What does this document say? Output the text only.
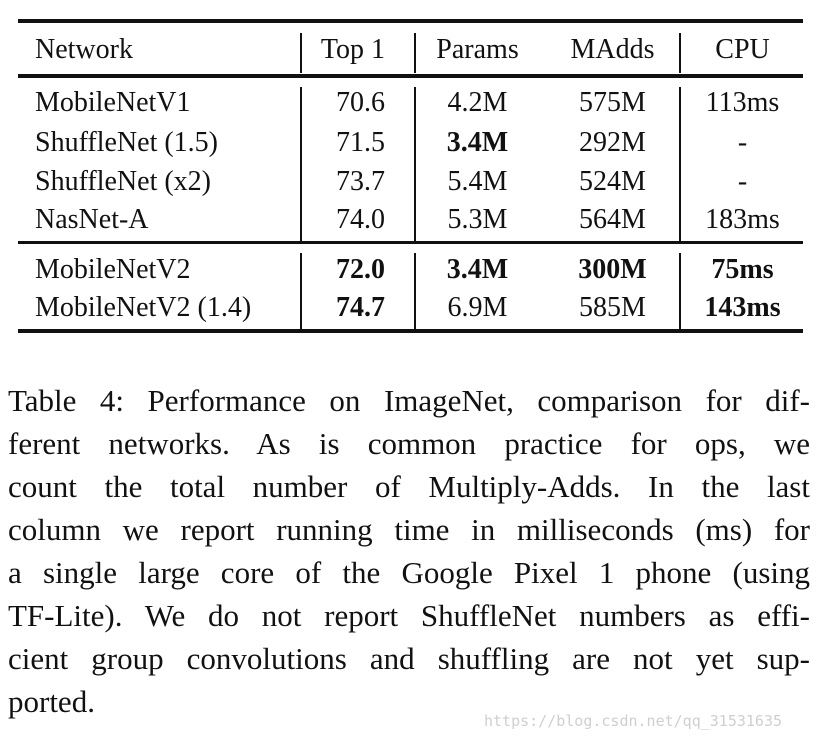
Network	Top 1	Params	MAdds	CPU
MobileNetV1	70.6	4.2M	575M	113ms
ShuffleNet (1.5)	71.5	3.4M	292M	-
ShuffleNet (x2)	73.7	5.4M	524M	-
NasNet-A	74.0	5.3M	564M	183ms
MobileNetV2	72.0	3.4M	300M	75ms
MobileNetV2 (1.4)	74.7	6.9M	585M	143ms
Table 4: Performance on ImageNet, comparison for dif-
ferent networks. As is common practice for ops, we
count the total number of Multiply-Adds. In the last
column we report running time in milliseconds (ms) for
a single large core of the Google Pixel 1 phone (using
TF-Lite). We do not report ShuffleNet numbers as effi-
cient group convolutions and shuffling are not yet sup-
ported.
https://blog.csdn.net/qq_31531635
